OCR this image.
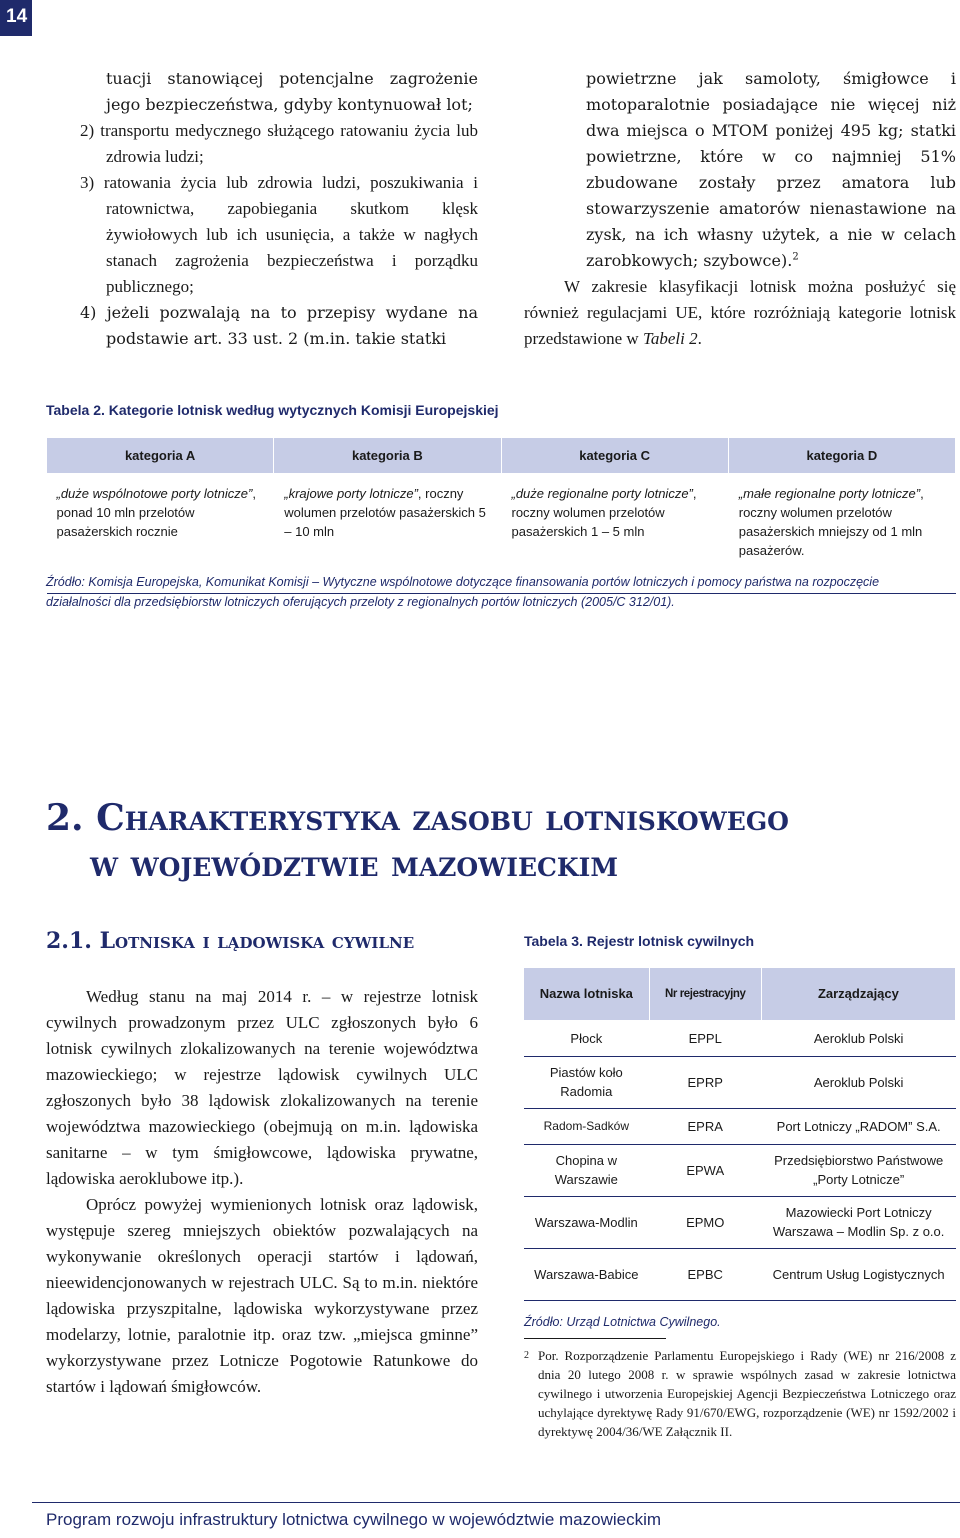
14

tuacji stanowiącej potencjalne zagrożenie jego bezpieczeństwa, gdyby kontynuował lot;

2) transportu medycznego służącego ratowaniu życia lub zdrowia ludzi;

3) ratowania życia lub zdrowia ludzi, poszukiwania i ratownictwa, zapobiegania skutkom klęsk żywiołowych lub ich usunięcia, a także w nagłych stanach zagrożenia bezpieczeństwa i porządku publicznego;

4) jeżeli pozwalają na to przepisy wydane na podstawie art. 33 ust. 2 (m.in. takie statki

powietrzne jak samoloty, śmigłowce i motoparalotnie posiadające nie więcej niż dwa miejsca o MTOM poniżej 495 kg; statki powietrzne, które w co najmniej 51% zbudowane zostały przez amatora lub stowarzyszenie amatorów nienastawione na zysk, na ich własny użytek, a nie w celach zarobkowych; szybowce).$^2$

W zakresie klasyfikacji lotnisk można posłużyć się również regulacjami UE, które rozróżniają kategorie lotnisk przedstawione w Tabeli 2.

Tabela 2. Kategorie lotnisk według wytycznych Komisji Europejskiej
kategoria A	kategoria B	kategoria C	kategoria D
„duże wspólnotowe porty lotnicze”, ponad 10 mln przelotów pasażerskich rocznie	„krajowe porty lotnicze”, roczny wolumen przelotów pasażerskich 5 – 10 mln	„duże regionalne porty lotnicze”, roczny wolumen przelotów pasażerskich 1 – 5 mln	„małe regionalne porty lotnicze”, roczny wolumen przelotów pasażerskich mniejszy od 1 mln pasażerów.
Źródło: Komisja Europejska, Komunikat Komisji – Wytyczne wspólnotowe dotyczące finansowania portów lotniczych i pomocy państwa na rozpoczęcie działalności dla przedsiębiorstw lotniczych oferujących przeloty z regionalnych portów lotniczych (2005/C 312/01).
2. Charakterystyka zasobu lotniskowego
w województwie mazowieckim
2.1. Lotniska i lądowiska cywilne

Według stanu na maj 2014 r. – w rejestrze lotnisk cywilnych prowadzonym przez ULC zgłoszonych było 6 lotnisk cywilnych zlokalizowanych na terenie województwa mazowieckiego; w rejestrze lądowisk cywilnych ULC zgłoszonych było 38 lądowisk zlokalizowanych na terenie województwa mazowieckiego (obejmują on m.in. lądowiska sanitarne – w tym śmigłowcowe, lądowiska prywatne, lądowiska aeroklubowe itp.).

Oprócz powyżej wymienionych lotnisk oraz lądowisk, występuje szereg mniejszych obiektów pozwalających na wykonywanie określonych operacji startów i lądowań, nieewidencjonowanych w rejestrach ULC. Są to m.in. niektóre lądowiska przyszpitalne, lądowiska wykorzystywane przez modelarzy, lotnie, paralotnie itp. oraz tzw. „miejsca gminne” wykorzystywane przez Lotnicze Pogotowie Ratunkowe do startów i lądowań śmigłowców.

Tabela 3. Rejestr lotnisk cywilnych
Nazwa lotniska	Nr rejestracyjny	Zarządzający
Płock	EPPL	Aeroklub Polski
Piastów koło Radomia	EPRP	Aeroklub Polski
Radom-Sadków	EPRA	Port Lotniczy „RADOM” S.A.
Chopina w Warszawie	EPWA	Przedsiębiorstwo Państwowe „Porty Lotnicze”
Warszawa-Modlin	EPMO	Mazowiecki Port Lotniczy Warszawa – Modlin Sp. z o.o.
Warszawa-Babice	EPBC	Centrum Usług Logistycznych
Źródło: Urząd Lotnictwa Cywilnego.
2 Por. Rozporządzenie Parlamentu Europejskiego i Rady (WE) nr 216/2008 z dnia 20 lutego 2008 r. w sprawie wspólnych zasad w zakresie lotnictwa cywilnego i utworzenia Europejskiej Agencji Bezpieczeństwa Lotniczego oraz uchylające dyrektywę Rady 91/670/EWG, rozporządzenie (WE) nr 1592/2002 i dyrektywę 2004/36/WE Załącznik II.
Program rozwoju infrastruktury lotnictwa cywilnego w województwie mazowieckim
